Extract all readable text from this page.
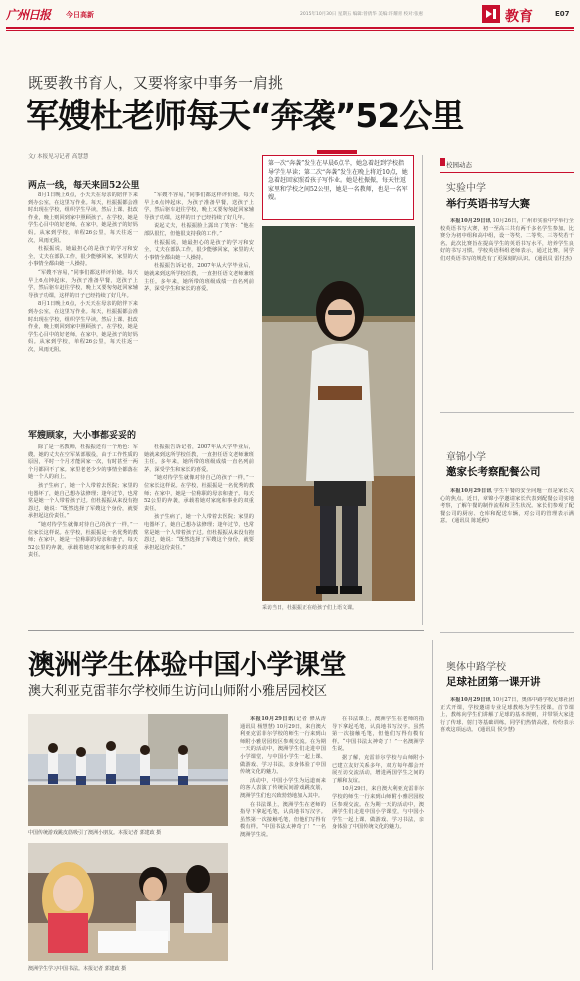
广州日报 今日高新	2015年10月30日 星期五 编辑:曾倩华 美编:许耀青 校对:张惠	教育	E07
既要教书育人，又要将家中事务一肩挑
军嫂杜老师每天“奔袭”52公里
文/ 本报见习记者 高慧慧
两点一线，每天来回52公里

8月1日晚上6点，小天天在母亲的陪伴下来到办公室，在这里写作业。每天，杜振振都会准时出现在学校，组织学生早读，然后上课、批改作业，晚上则回到家中照顾孩子。在学校，她是学生心目中的好老师，在家中，她是孩子的好妈妈。从家到学校，单程26公里，每天往返一次，风雨无阻。

杜振振说，她最担心的是孩子的学习和安全，丈夫在部队工作，很少能够回家，家里的大小事情全都由她一人操持。

“军嫂不容易，”同事们都这样评价她。每天早上6点钟起床，为孩子准备早餐，送孩子上学，然后驱车赶往学校，晚上又要匆匆赶回家辅导孩子功课，这样的日子已经持续了好几年。

8月1日晚上6点，小天天在母亲的陪伴下来到办公室，在这里写作业。每天，杜振振都会准时出现在学校，组织学生早读，然后上课、批改作业，晚上则回到家中照顾孩子。在学校，她是学生心目中的好老师，在家中，她是孩子的好妈妈。从家到学校，单程26公里，每天往返一次，风雨无阻。

“军嫂不容易，”同事们都这样评价她。每天早上6点钟起床，为孩子准备早餐，送孩子上学，然后驱车赶往学校，晚上又要匆匆赶回家辅导孩子功课，这样的日子已经持续了好几年。

说起丈夫，杜振振脸上露出了笑容：“他在部队很忙，但他很支持我的工作。”

杜振振说，她最担心的是孩子的学习和安全，丈夫在部队工作，很少能够回家，家里的大小事情全都由她一人操持。

杜振振告诉记者，2007年从大学毕业后，她就来到这所学校任教，一直担任语文老师兼班主任。多年来，她所带的班级成绩一直名列前茅，深受学生和家长的喜爱。

军嫂顾家，大小事都妥妥的

除了是一名教师，杜振振还有一个角色：军嫂。她的丈夫在空军某部服役，由于工作性质的原因，平时一个月才能回家一次，有时甚至一两个月都回不了家。家里老老少少的事情全都落在她一个人的肩上。

孩子生病了，她一个人带着去医院；家里的电器坏了，她自己想办法修理；逢年过节，也常常是她一个人带着孩子过。但杜振振从来没有抱怨过，她说：“既然选择了军嫂这个身份，就要承担起这份责任。”

“她对待学生就像对待自己的孩子一样，”一位家长这样说。在学校，杜振振是一名优秀的教师；在家中，她是一位称职的母亲和妻子。每天52公里的奔袭，承载着她对家庭和事业的双重责任。

杜振振告诉记者，2007年从大学毕业后，她就来到这所学校任教，一直担任语文老师兼班主任。多年来，她所带的班级成绩一直名列前茅，深受学生和家长的喜爱。

“她对待学生就像对待自己的孩子一样，”一位家长这样说。在学校，杜振振是一名优秀的教师；在家中，她是一位称职的母亲和妻子。每天52公里的奔袭，承载着她对家庭和事业的双重责任。

孩子生病了，她一个人带着去医院；家里的电器坏了，她自己想办法修理；逢年过节，也常常是她一个人带着孩子过。但杜振振从来没有抱怨过，她说：“既然选择了军嫂这个身份，就要承担起这份责任。”

第一次“奔袭”发生在早晨6点半，她急着赶到学校指导学生早读；第二次“奔袭”发生在晚上将近10点，她急着赶回家照看孩子写作业。她是杜振振，每天往返家里和学校之间52公里，她是一名教师，也是一名军嫂。
采访当日，杜振振正在给孩子们上语文课。
校园动态
实验中学
举行英语书写大赛

本报10月29日讯 10月26日，广州市实验中学举行全校英语书写大赛，初一至高三共有两千多名学生参加。比赛分为初中组和高中组，设一等奖、二等奖、三等奖若干名。此次比赛旨在提高学生的英语书写水平，培养学生良好的书写习惯。学校英语科组老师表示，通过比赛，同学们对英语书写的规范有了更深刻的认识。 (通讯员 雷付杰)

章锦小学
邀家长考察配餐公司

本报10月29日讯 学生午餐的安全问题一直是家长关心的焦点。近日，章锦小学邀请家长代表到配餐公司实地考察，了解午餐的制作流程和卫生状况。家长们参观了配餐公司的厨房、仓库和配送车辆，对公司的管理表示满意。 (通讯员 陈延秋)

奥体中路学校
足球社团第一课开讲

本报10月29日讯 10月27日，奥体中路学校足球社团正式开课，学校邀请专业足球教练为学生授课。首节课上，教练向学生们讲解了足球的基本规则，并带领大家进行了传球、射门等基础训练。同学们热情高涨，纷纷表示喜欢这项运动。 (通讯员 侯少慧)

澳洲学生体验中国小学课堂
澳大利亚克雷菲尔学校师生访问山师附小雅居园校区
中国传统游戏跳皮筋吸引了澳洲小朋友。本报记者 郭建政 摄
澳洲学生学习中国书法。本报记者 郭建政 摄

本报10月29日讯(记者 修从涛 通讯员 杨慧慧) 10月29日，来自澳大利亚克雷菲尔学校的师生一行来到山师附小雅居园校区参观交流。在为期一天的活动中，澳洲学生们走进中国小学课堂，与中国小学生一起上课、做游戏、学习书法，亲身体验了中国传统文化的魅力。

活动中，中国小学生为远道而来的客人表演了传统民间游戏跳皮筋，澳洲学生们也兴致勃勃地加入其中。

在书法课上，澳洲学生在老师的指导下拿起毛笔，认真地书写汉字。虽然第一次接触毛笔，但他们写得有模有样。“中国书法太神奇了！”一名澳洲学生说。

在书法课上，澳洲学生在老师的指导下拿起毛笔，认真地书写汉字。虽然第一次接触毛笔，但他们写得有模有样。“中国书法太神奇了！”一名澳洲学生说。

据了解，克雷菲尔学校与山师附小已建立友好关系多年，双方每年都会开展互访交流活动，增进两国学生之间的了解和友谊。

10月29日，来自澳大利亚克雷菲尔学校的师生一行来到山师附小雅居园校区参观交流。在为期一天的活动中，澳洲学生们走进中国小学课堂，与中国小学生一起上课、做游戏、学习书法，亲身体验了中国传统文化的魅力。
